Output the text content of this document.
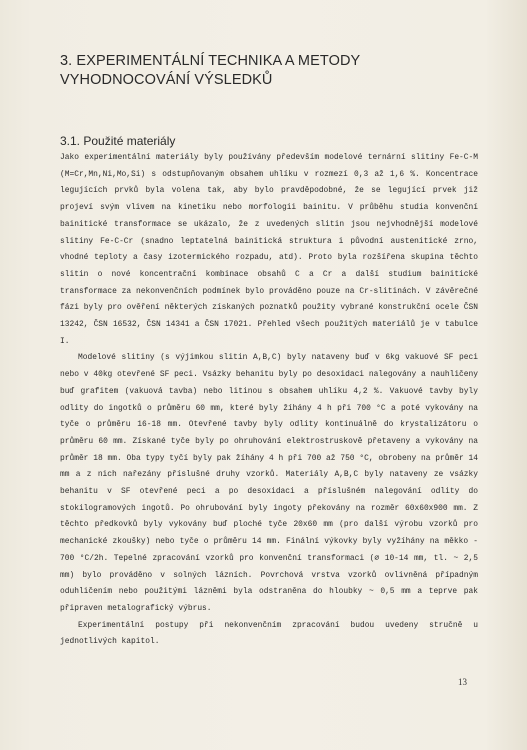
3. EXPERIMENTÁLNÍ TECHNIKA A METODY
VYHODNOCOVÁNÍ VÝSLEDKŮ
3.1. Použité materiály

Jako experimentální materiály byly používány především modelové ternární slitiny Fe-C-M (M=Cr,Mn,Ni,Mo,Si) s odstupňovaným obsahem uhlíku v rozmezí 0,3 až 1,6 %. Koncentrace legujících prvků byla volena tak, aby bylo pravděpodobné, že se legující prvek již projeví svým vlivem na kinetiku nebo morfologii bainitu. V průběhu studia konvenční bainitické transformace se ukázalo, že z uvedených slitin jsou nejvhodnější modelové slitiny Fe-C-Cr (snadno leptatelná bainitická struktura i původní austenitické zrno, vhodné teploty a časy izotermického rozpadu, atd). Proto byla rozšířena skupina těchto slitin o nové koncentrační kombinace obsahů C a Cr a další studium bainitické transformace za nekonvenčních podmínek bylo prováděno pouze na Cr-slitinách. V závěrečné fázi byly pro ověření některých získaných poznatků použity vybrané konstrukční ocele ČSN 13242, ČSN 16532, ČSN 14341 a ČSN 17021. Přehled všech použitých materiálů je v tabulce I.

Modelové slitiny (s výjimkou slitin A,B,C) byly nataveny buď v 6kg vakuové SF peci nebo v 40kg otevřené SF peci. Vsázky behanitu byly po desoxidaci nalegovány a nauhličeny buď grafitem (vakuová tavba) nebo litinou s obsahem uhlíku 4,2 %. Vakuové tavby byly odlity do ingotků o průměru 60 mm, které byly žíhány 4 h při 700 °C a poté vykovány na tyče o průměru 16-18 mm. Otevřené tavby byly odlity kontinuálně do krystalizátoru o průměru 60 mm. Získané tyče byly po ohruhování elektrostruskově přetaveny a vykovány na průměr 18 mm. Oba typy tyčí byly pak žíhány 4 h při 700 až 750 °C, obrobeny na průměr 14 mm a z nich nařezány příslušné druhy vzorků. Materiály A,B,C byly nataveny ze vsázky behanitu v SF otevřené peci a po desoxidaci a příslušném nalegování odlity do stokilogramových ingotů. Po ohrubování byly ingoty překovány na rozměr 60x60x900 mm. Z těchto předkovků byly vykovány buď ploché tyče 20x60 mm (pro další výrobu vzorků pro mechanické zkoušky) nebo tyče o průměru 14 mm. Finální výkovky byly vyžíhány na měkko - 700 °C/2h. Tepelné zpracování vzorků pro konvenční transformaci (∅ 10-14 mm, tl. ~ 2,5 mm) bylo prováděno v solných lázních. Povrchová vrstva vzorků ovlivněná případným oduhličením nebo použitými lázněmi byla odstraněna do hloubky ~ 0,5 mm a teprve pak připraven metalografický výbrus.

Experimentální postupy při nekonvenčním zpracování budou uvedeny stručně u jednotlivých kapitol.

13
